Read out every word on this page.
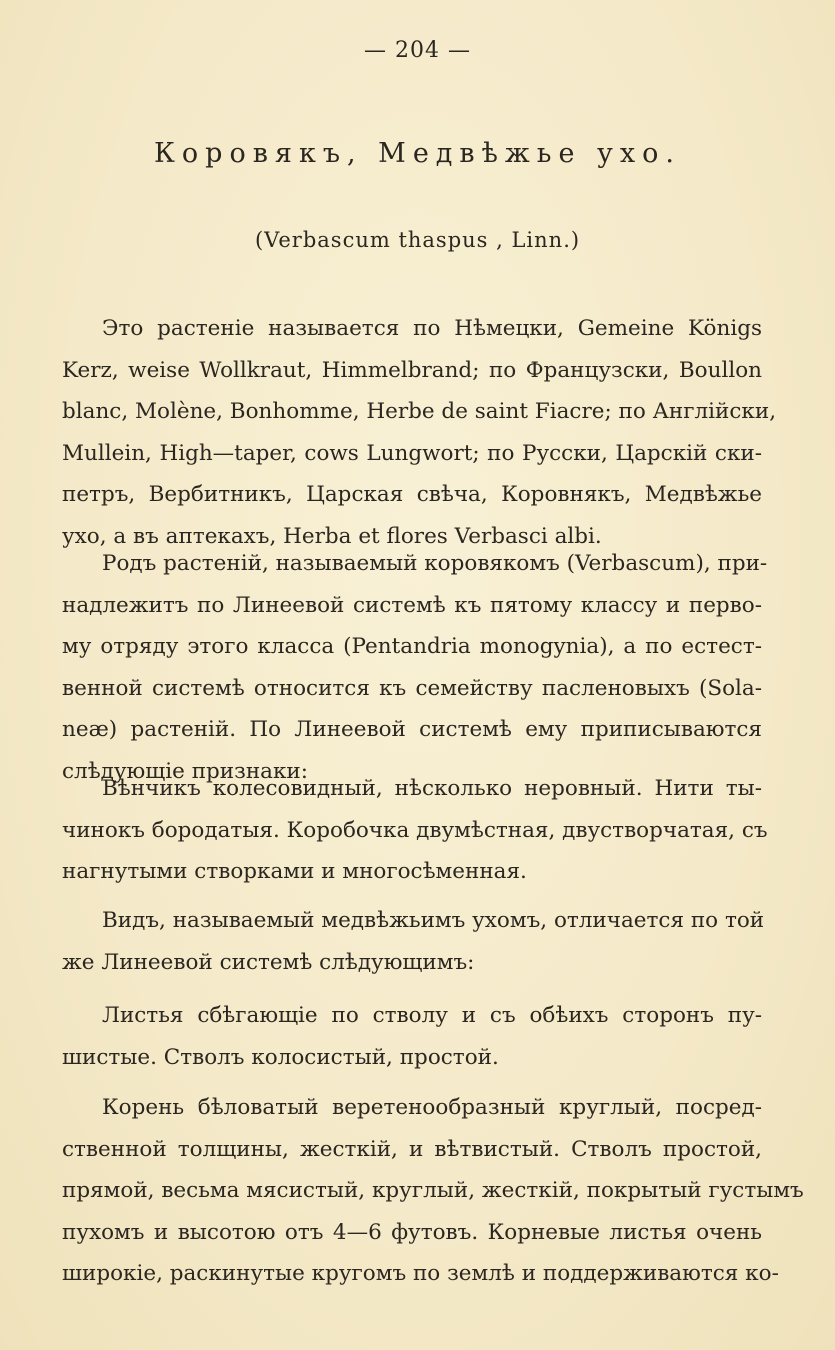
— 204 —
Коровякъ, Медвѣжье ухо.
(Verbascum thaspus , Linn.)
Это растеніе называется по Нѣмецки, Gemeine Königs
Kerz, weise Wollkraut, Himmelbrand; по Французски, Boullon
blanc, Molène, Bonhomme, Herbe de saint Fiacre; по Англійски,
Mullein, High—taper, cows Lungwort; по Русски, Царскій ски-
петръ, Вербитникъ, Царская свѣча, Коровнякъ, Медвѣжье
ухо, а въ аптекахъ, Herba et flores Verbasci albi.
Родъ растеній, называемый коровякомъ (Verbascum), при-
надлежитъ по Линеевой системѣ къ пятому классу и перво-
му отряду этого класса (Pentandria monogynia), а по естест-
венной системѣ относится къ семейству пасленовыхъ (Sola-
neæ) растеній. По Линеевой системѣ ему приписываются
слѣдующіе признаки:
Вѣнчикъ колесовидный, нѣсколько неровный. Нити ты-
чинокъ бородатыя. Коробочка двумѣстная, двустворчатая, съ
нагнутыми створками и многосѣменная.
Видъ, называемый медвѣжьимъ ухомъ, отличается по той
же Линеевой системѣ слѣдующимъ:
Листья сбѣгающіе по стволу и съ обѣихъ сторонъ пу-
шистые. Стволъ колосистый, простой.
Корень бѣловатый веретенообразный круглый, посред-
ственной толщины, жесткій, и вѣтвистый. Стволъ простой,
прямой, весьма мясистый, круглый, жесткій, покрытый густымъ
пухомъ и высотою отъ 4—6 футовъ. Корневые листья очень
широкіе, раскинутые кругомъ по землѣ и поддерживаются ко-
